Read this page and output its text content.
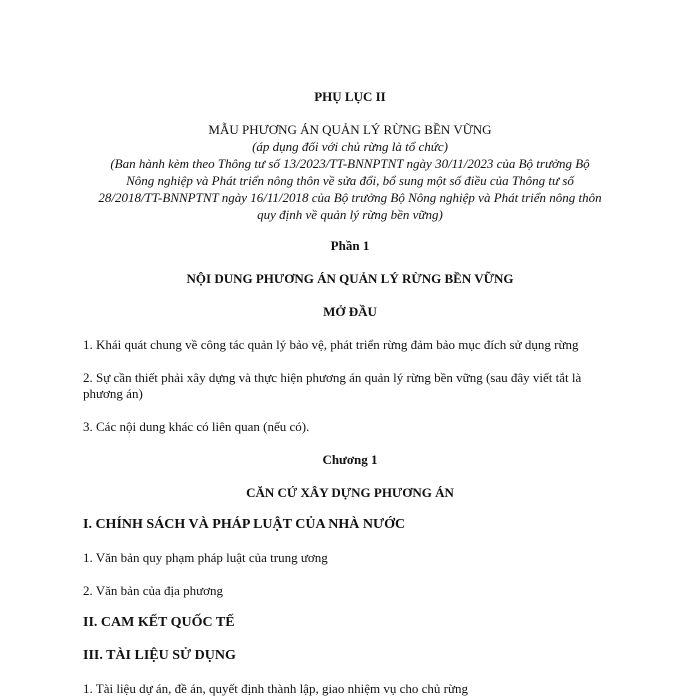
PHỤ LỤC II

MẪU PHƯƠNG ÁN QUẢN LÝ RỪNG BỀN VỮNG

(áp dụng đối với chủ rừng là tổ chức)

(Ban hành kèm theo Thông tư số 13/2023/TT-BNNPTNT ngày 30/11/2023 của Bộ trưởng Bộ

Nông nghiệp và Phát triển nông thôn về sửa đổi, bổ sung một số điều của Thông tư số

28/2018/TT-BNNPTNT ngày 16/11/2018 của Bộ trưởng Bộ Nông nghiệp và Phát triển nông thôn

quy định về quản lý rừng bền vững)

Phần 1

NỘI DUNG PHƯƠNG ÁN QUẢN LÝ RỪNG BỀN VỮNG

MỞ ĐẦU

1. Khái quát chung về công tác quản lý bảo vệ, phát triển rừng đảm bảo mục đích sử dụng rừng

2. Sự cần thiết phải xây dựng và thực hiện phương án quản lý rừng bền vững (sau đây viết tắt là

phương án)

3. Các nội dung khác có liên quan (nếu có).

Chương 1

CĂN CỨ XÂY DỰNG PHƯƠNG ÁN

I. CHÍNH SÁCH VÀ PHÁP LUẬT CỦA NHÀ NƯỚC

1. Văn bản quy phạm pháp luật của trung ương

2. Văn bản của địa phương

II. CAM KẾT QUỐC TẾ

III. TÀI LIỆU SỬ DỤNG

1. Tài liệu dự án, đề án, quyết định thành lập, giao nhiệm vụ cho chủ rừng
